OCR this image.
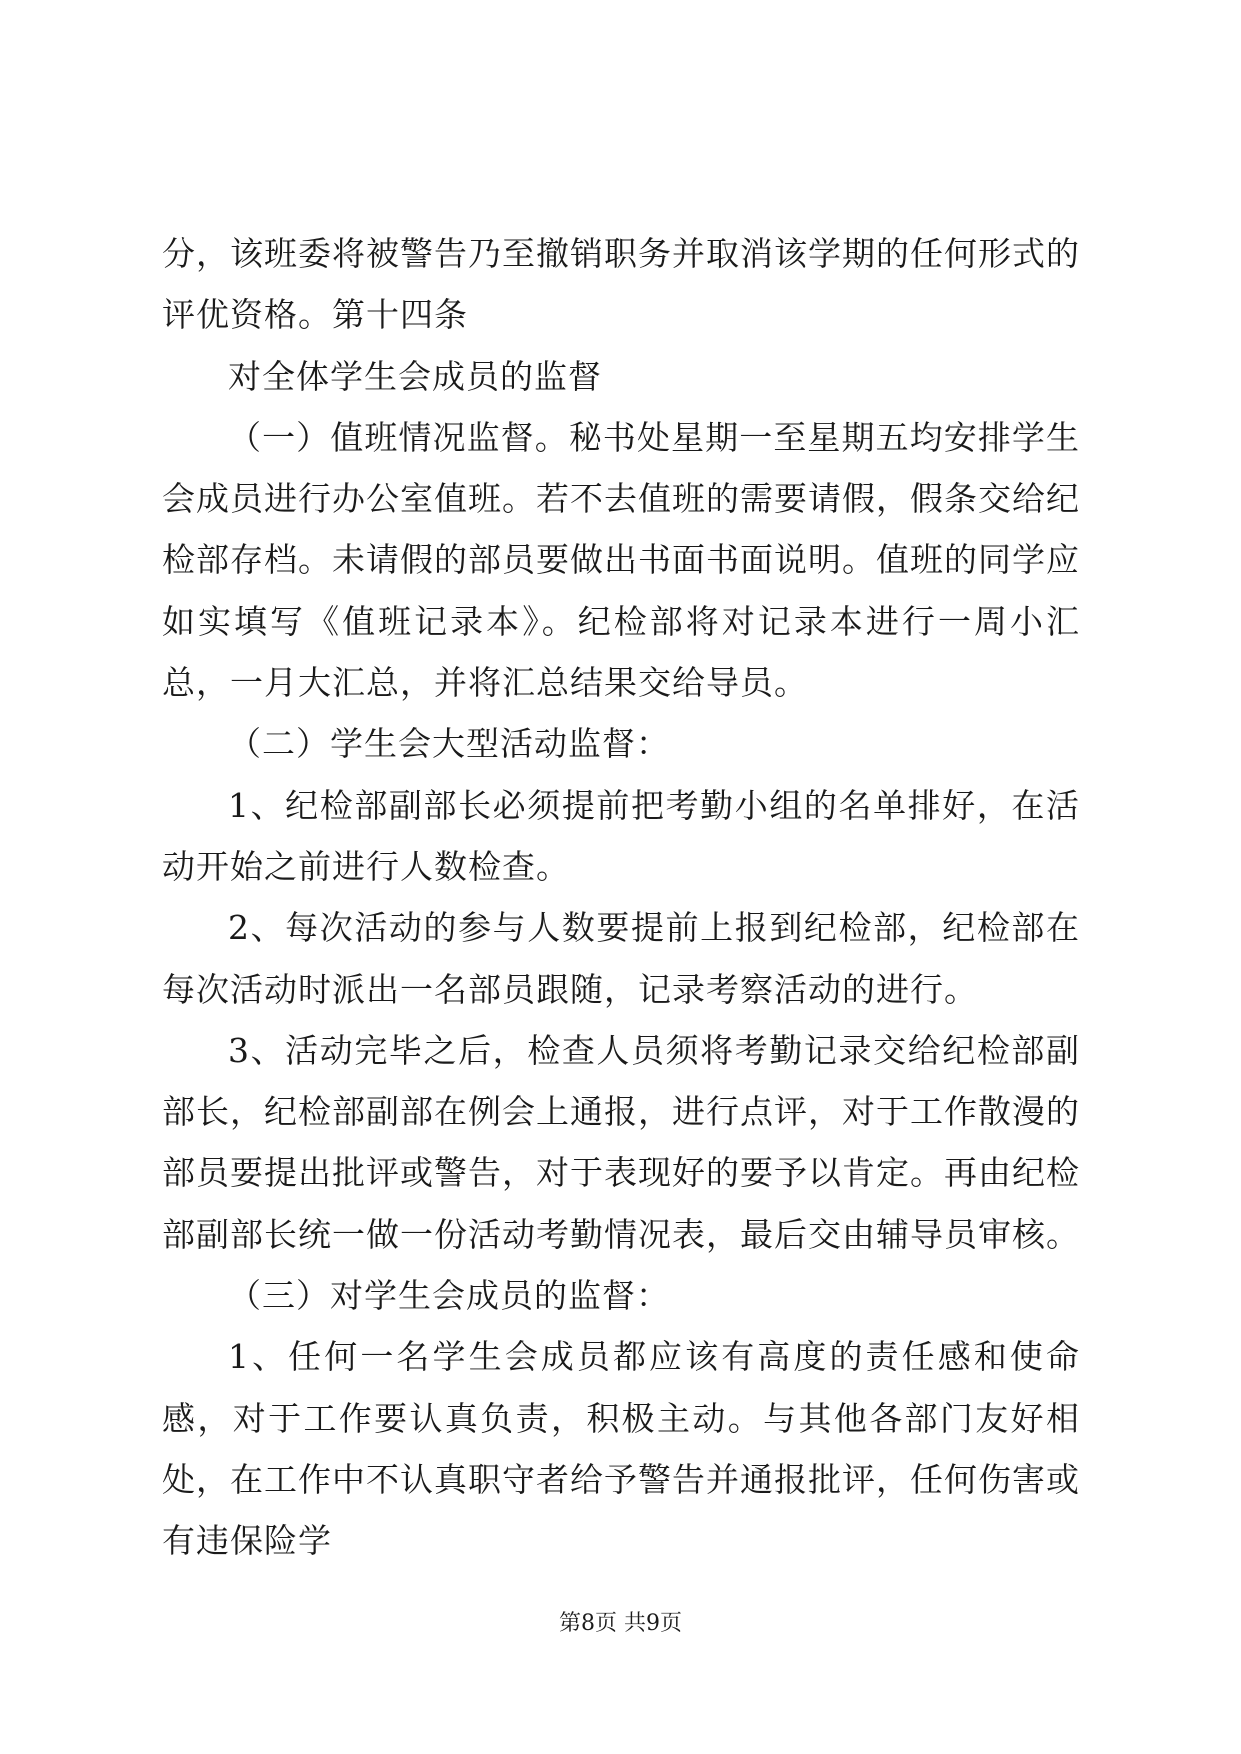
分，该班委将被警告乃至撤销职务并取消该学期的任何形式的评优资格。第十四条

对全体学生会成员的监督

（一）值班情况监督。秘书处星期一至星期五均安排学生会成员进行办公室值班。若不去值班的需要请假，假条交给纪检部存档。未请假的部员要做出书面书面说明。值班的同学应如实填写《值班记录本》。纪检部将对记录本进行一周小汇总，一月大汇总，并将汇总结果交给导员。

（二）学生会大型活动监督：

1、纪检部副部长必须提前把考勤小组的名单排好，在活动开始之前进行人数检查。

2、每次活动的参与人数要提前上报到纪检部，纪检部在每次活动时派出一名部员跟随，记录考察活动的进行。

3、活动完毕之后，检查人员须将考勤记录交给纪检部副部长，纪检部副部在例会上通报，进行点评，对于工作散漫的部员要提出批评或警告，对于表现好的要予以肯定。再由纪检部副部长统一做一份活动考勤情况表，最后交由辅导员审核。

（三）对学生会成员的监督：

1、任何一名学生会成员都应该有高度的责任感和使命感，对于工作要认真负责，积极主动。与其他各部门友好相处，在工作中不认真职守者给予警告并通报批评，任何伤害或有违保险学

第8页 共9页
